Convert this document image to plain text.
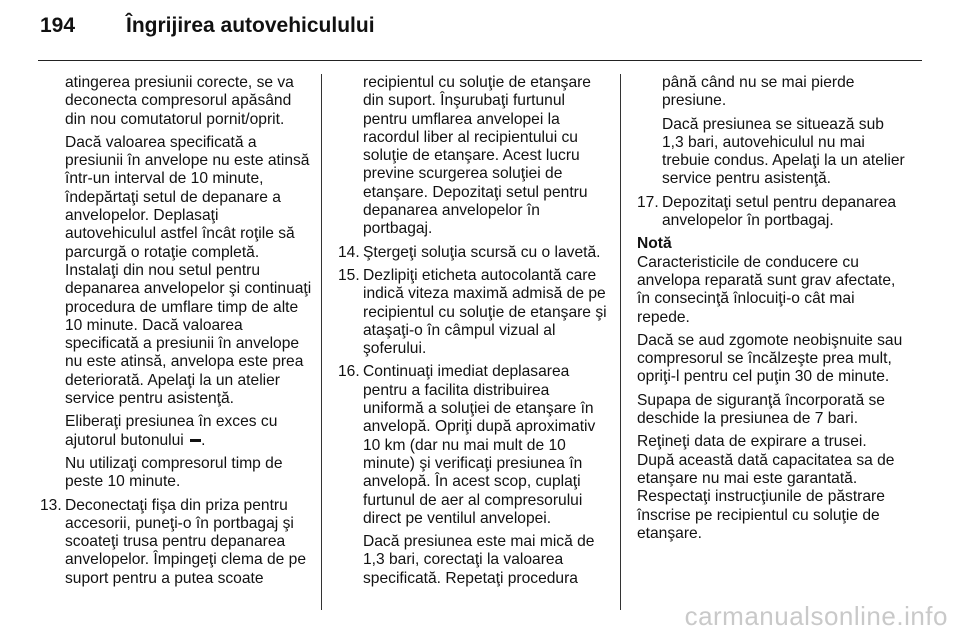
194	Îngrijirea autovehiculului

atingerea presiunii corecte, se va deconecta compresorul apăsând din nou comutatorul pornit/oprit.

Dacă valoarea specificată a presiunii în anvelope nu este atinsă într-un interval de 10 minute, îndepărtaţi setul de depanare a anvelopelor. Deplasaţi autovehiculul astfel încât roţile să parcurgă o rotaţie completă. Instalaţi din nou setul pentru depanarea anvelopelor şi continuaţi procedura de umflare timp de alte 10 minute. Dacă valoarea specificată a presiunii în anvelope nu este atinsă, anvelopa este prea deteriorată. Apelaţi la un atelier service pentru asistenţă.

Eliberaţi presiunea în exces cu ajutorul butonului .

Nu utilizaţi compresorul timp de peste 10 minute.

13. Deconectaţi fişa din priza pentru accesorii, puneţi-o în portbagaj şi scoateţi trusa pentru depanarea anvelopelor. Împingeţi clema de pe suport pentru a putea scoate

recipientul cu soluţie de etanşare din suport. Înşurubaţi furtunul pentru umflarea anvelopei la racordul liber al recipientului cu soluţie de etanşare. Acest lucru previne scurgerea soluţiei de etanşare. Depozitaţi setul pentru depanarea anvelopelor în portbagaj.

14. Ştergeţi soluţia scursă cu o lavetă.
15. Dezlipiţi eticheta autocolantă care indică viteza maximă admisă de pe recipientul cu soluţie de etanşare şi ataşaţi-o în câmpul vizual al şoferului.
16. Continuaţi imediat deplasarea pentru a facilita distribuirea uniformă a soluţiei de etanşare în anvelopă. Opriţi după aproximativ 10 km (dar nu mai mult de 10 minute) şi verificaţi presiunea în anvelopă. În acest scop, cuplaţi furtunul de aer al compresorului direct pe ventilul anvelopei.

Dacă presiunea este mai mică de 1,3 bari, corectaţi la valoarea specificată. Repetaţi procedura

până când nu se mai pierde presiune.

Dacă presiunea se situează sub 1,3 bari, autovehiculul nu mai trebuie condus. Apelaţi la un atelier service pentru asistenţă.

17. Depozitaţi setul pentru depanarea anvelopelor în portbagaj.

Notă

Caracteristicile de conducere cu anvelopa reparată sunt grav afectate, în consecinţă înlocuiţi-o cât mai repede.

Dacă se aud zgomote neobişnuite sau compresorul se încălzeşte prea mult, opriţi-l pentru cel puţin 30 de minute.

Supapa de siguranţă încorporată se deschide la presiunea de 7 bari.

Reţineţi data de expirare a trusei. După această dată capacitatea sa de etanşare nu mai este garantată. Respectaţi instrucţiunile de păstrare înscrise pe recipientul cu soluţie de etanşare.

carmanualsonline.info
